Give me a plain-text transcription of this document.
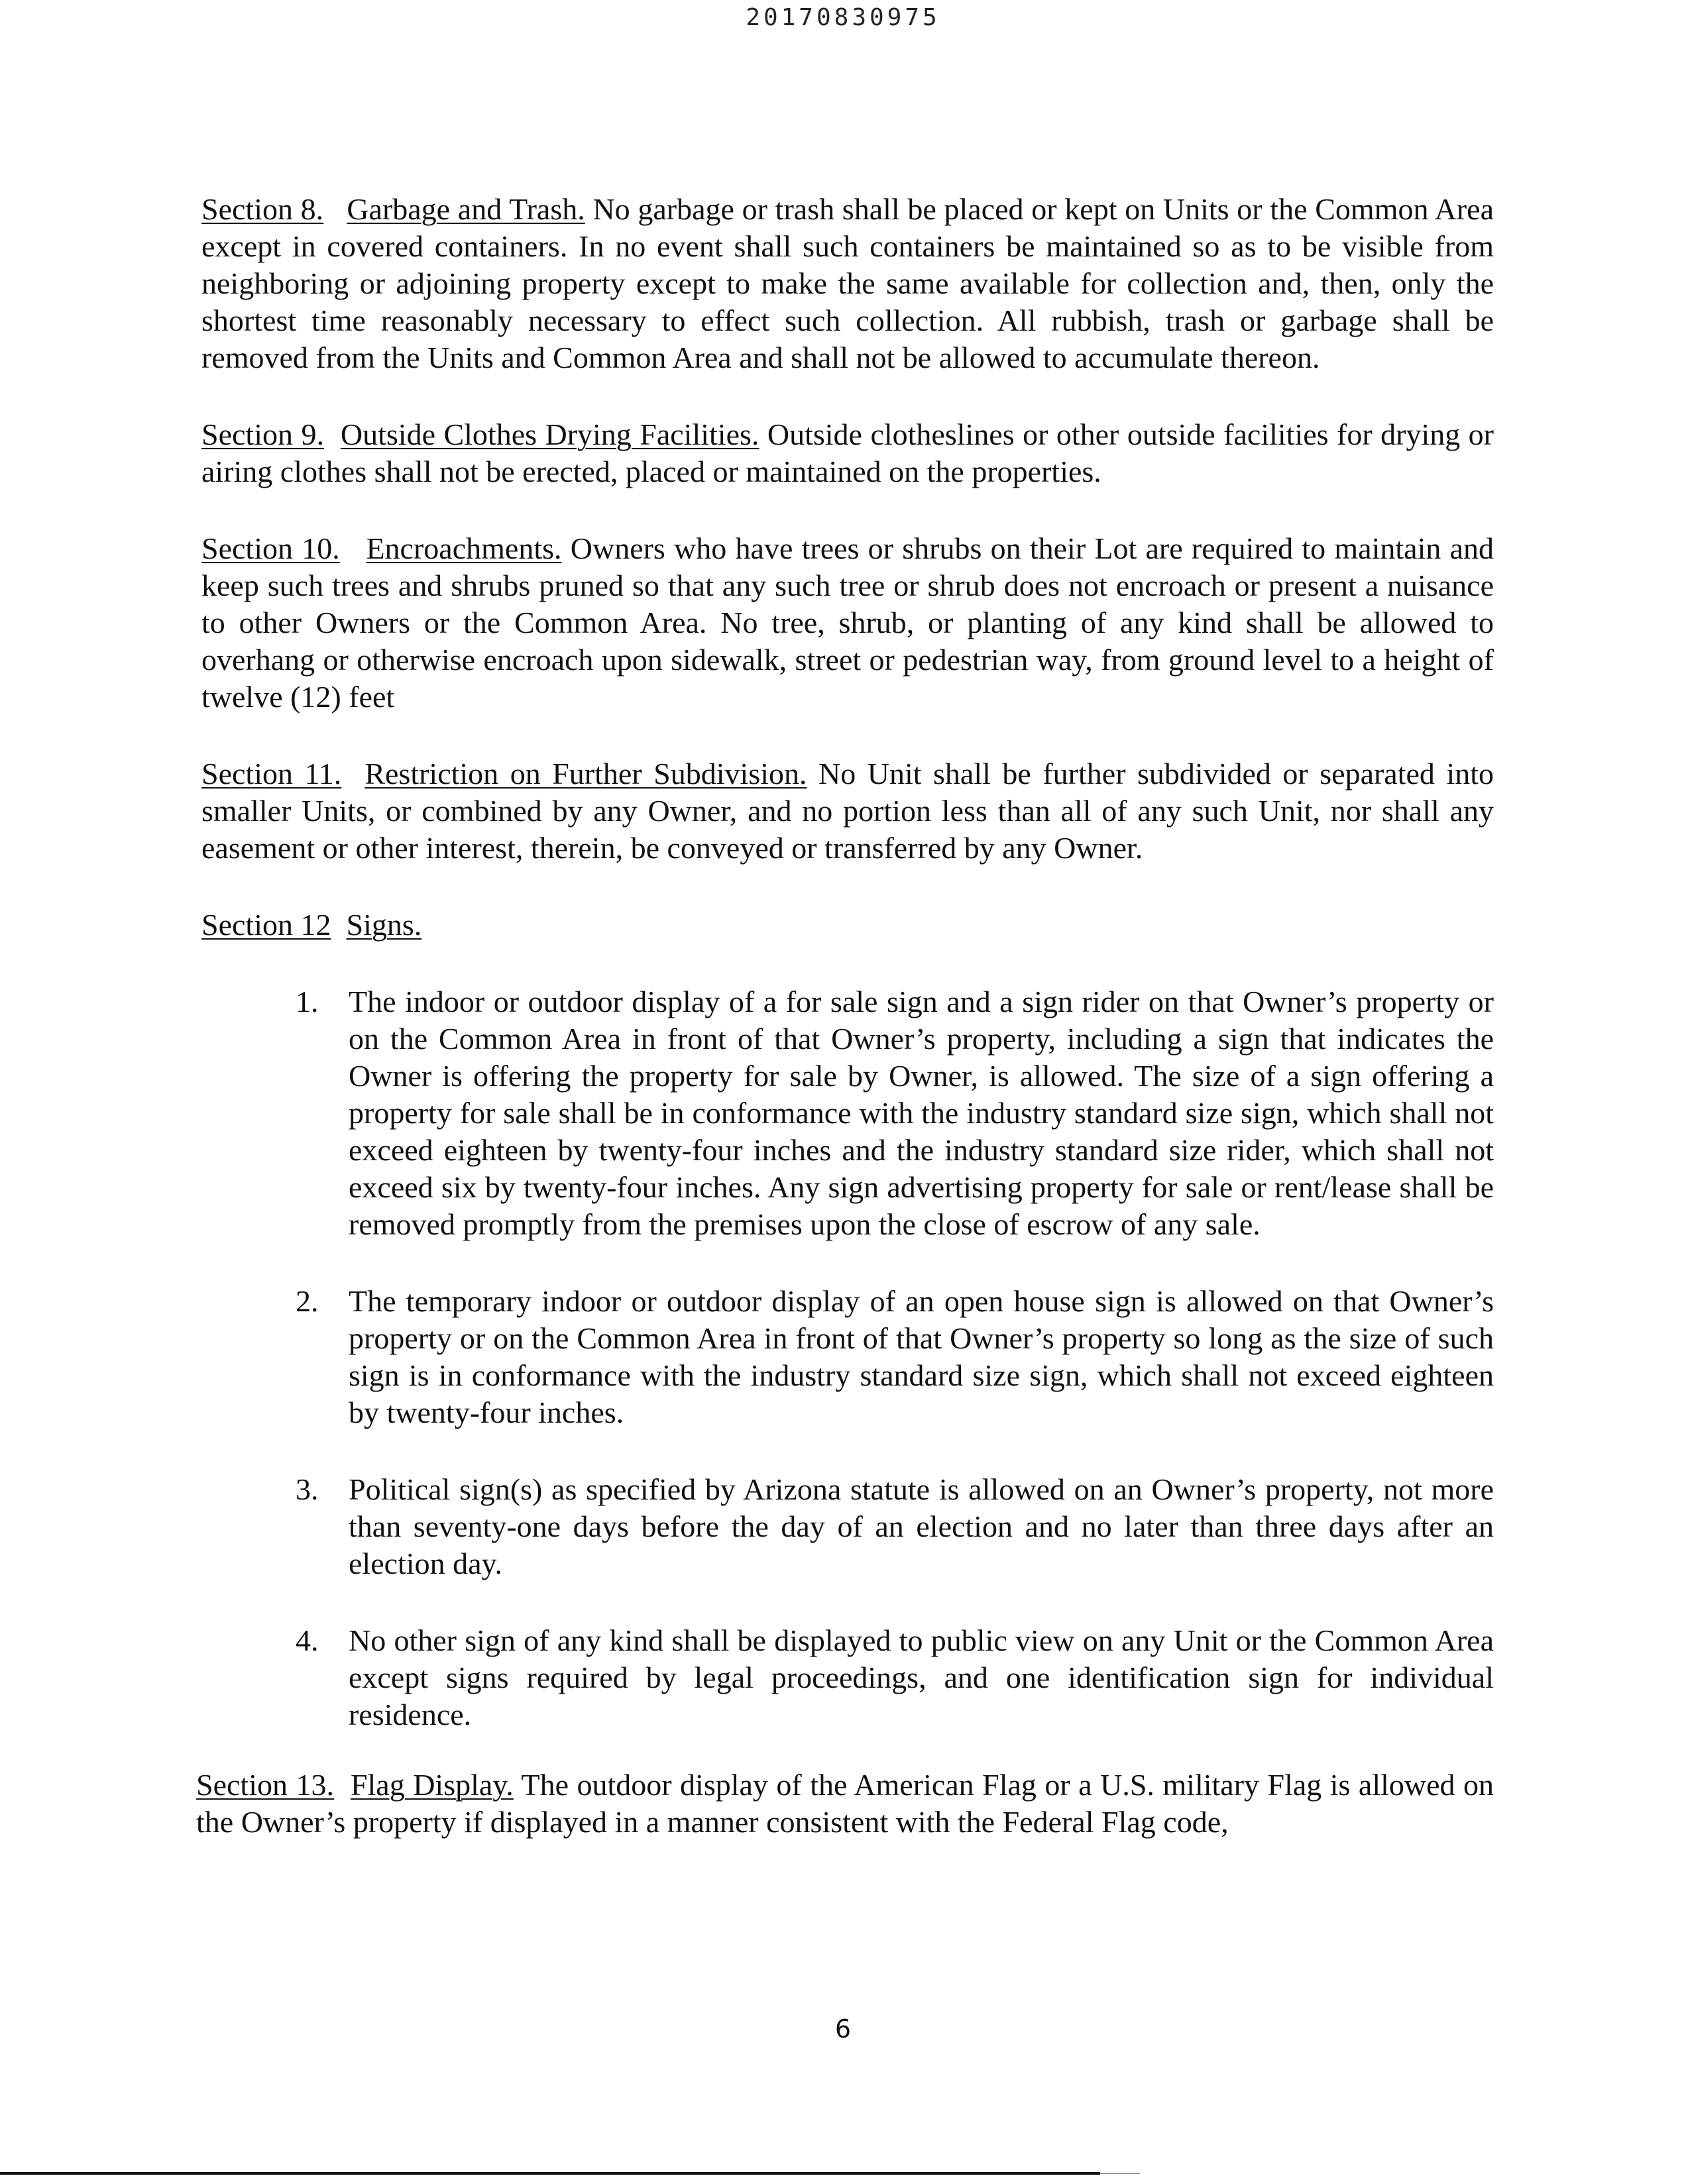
20170830975

Section 8. Garbage and Trash. No garbage or trash shall be placed or kept on Units or the Common Area except in covered containers. In no event shall such containers be maintained so as to be visible from neighboring or adjoining property except to make the same available for collection and, then, only the shortest time reasonably necessary to effect such collection. All rubbish, trash or garbage shall be removed from the Units and Common Area and shall not be allowed to accumulate thereon.

Section 9. Outside Clothes Drying Facilities. Outside clotheslines or other outside facilities for drying or airing clothes shall not be erected, placed or maintained on the properties.

Section 10. Encroachments. Owners who have trees or shrubs on their Lot are required to maintain and keep such trees and shrubs pruned so that any such tree or shrub does not encroach or present a nuisance to other Owners or the Common Area. No tree, shrub, or planting of any kind shall be allowed to overhang or otherwise encroach upon sidewalk, street or pedestrian way, from ground level to a height of twelve (12) feet

Section 11. Restriction on Further Subdivision. No Unit shall be further subdivided or separated into smaller Units, or combined by any Owner, and no portion less than all of any such Unit, nor shall any easement or other interest, therein, be conveyed or transferred by any Owner.

Section 12 Signs.

1. The indoor or outdoor display of a for sale sign and a sign rider on that Owner’s property or on the Common Area in front of that Owner’s property, including a sign that indicates the Owner is offering the property for sale by Owner, is allowed. The size of a sign offering a property for sale shall be in conformance with the industry standard size sign, which shall not exceed eighteen by twenty-four inches and the industry standard size rider, which shall not exceed six by twenty-four inches. Any sign advertising property for sale or rent/lease shall be removed promptly from the premises upon the close of escrow of any sale.
2. The temporary indoor or outdoor display of an open house sign is allowed on that Owner’s property or on the Common Area in front of that Owner’s property so long as the size of such sign is in conformance with the industry standard size sign, which shall not exceed eighteen by twenty-four inches.
3. Political sign(s) as specified by Arizona statute is allowed on an Owner’s property, not more than seventy-one days before the day of an election and no later than three days after an election day.
4. No other sign of any kind shall be displayed to public view on any Unit or the Common Area except signs required by legal proceedings, and one identification sign for individual residence.

Section 13. Flag Display. The outdoor display of the American Flag or a U.S. military Flag is allowed on the Owner’s property if displayed in a manner consistent with the Federal Flag code,

6
